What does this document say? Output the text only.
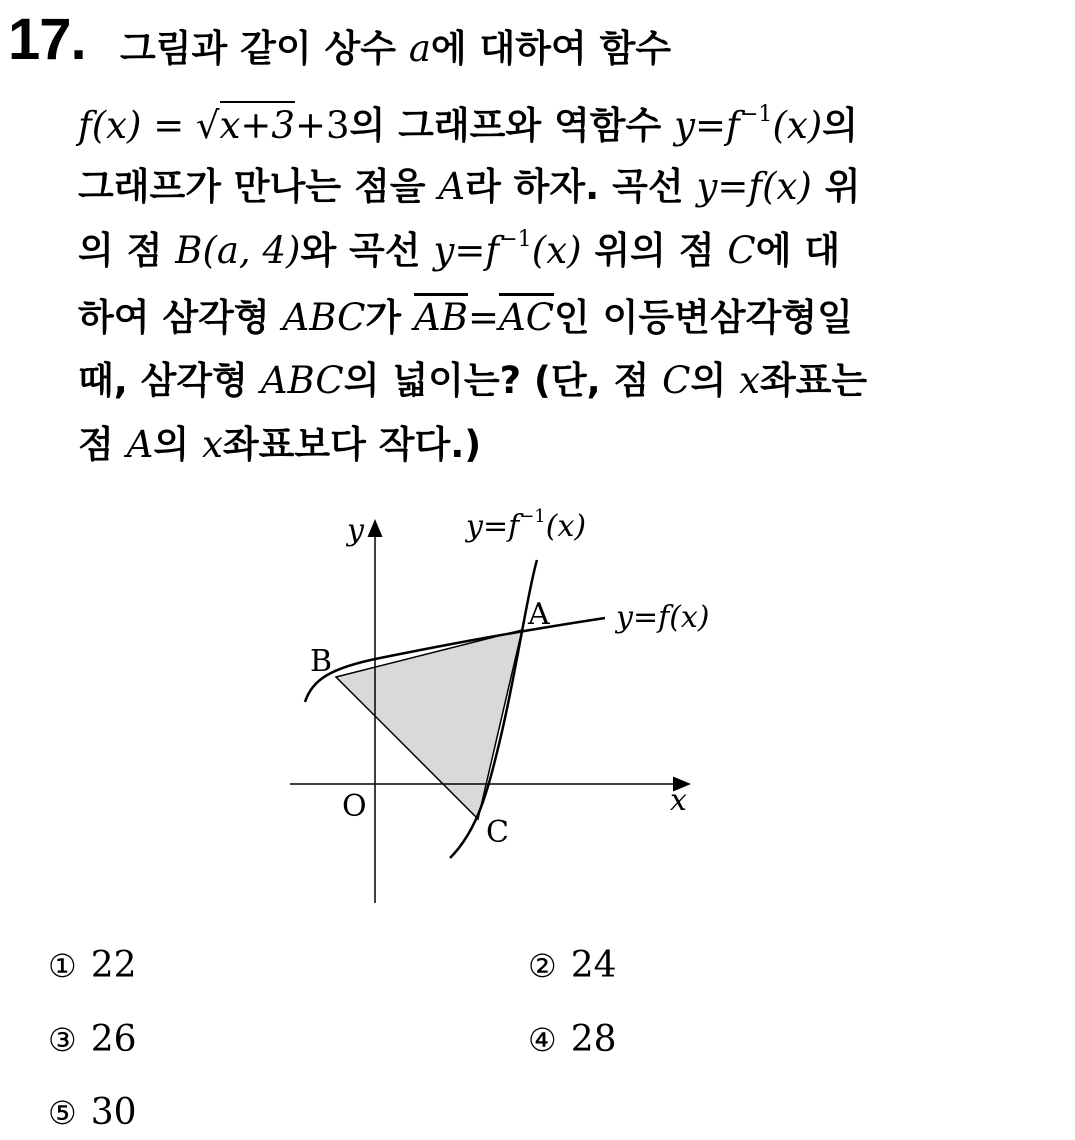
17. 그림과 같이 상수 a에 대하여 함수
f(x) = √x+3+3의 그래프와 역함수 $y=f^{-1}(x)$의
그래프가 만나는 점을 A라 하자. 곡선 y=f(x) 위
의 점 B(a, 4)와 곡선 $y=f^{-1}(x)$ 위의 점 C에 대
하여 삼각형 ABC가 $\overline{AB}=\overline{AC}$인 이등변삼각형일
때, 삼각형 ABC의 넓이는? (단, 점 C의 x좌표는
점 A의 x좌표보다 작다.)
y
x
O
A
B
C
$y=f^{-1}(x)$
y=f(x)
① 22	② 24
③ 26	④ 28
⑤ 30
